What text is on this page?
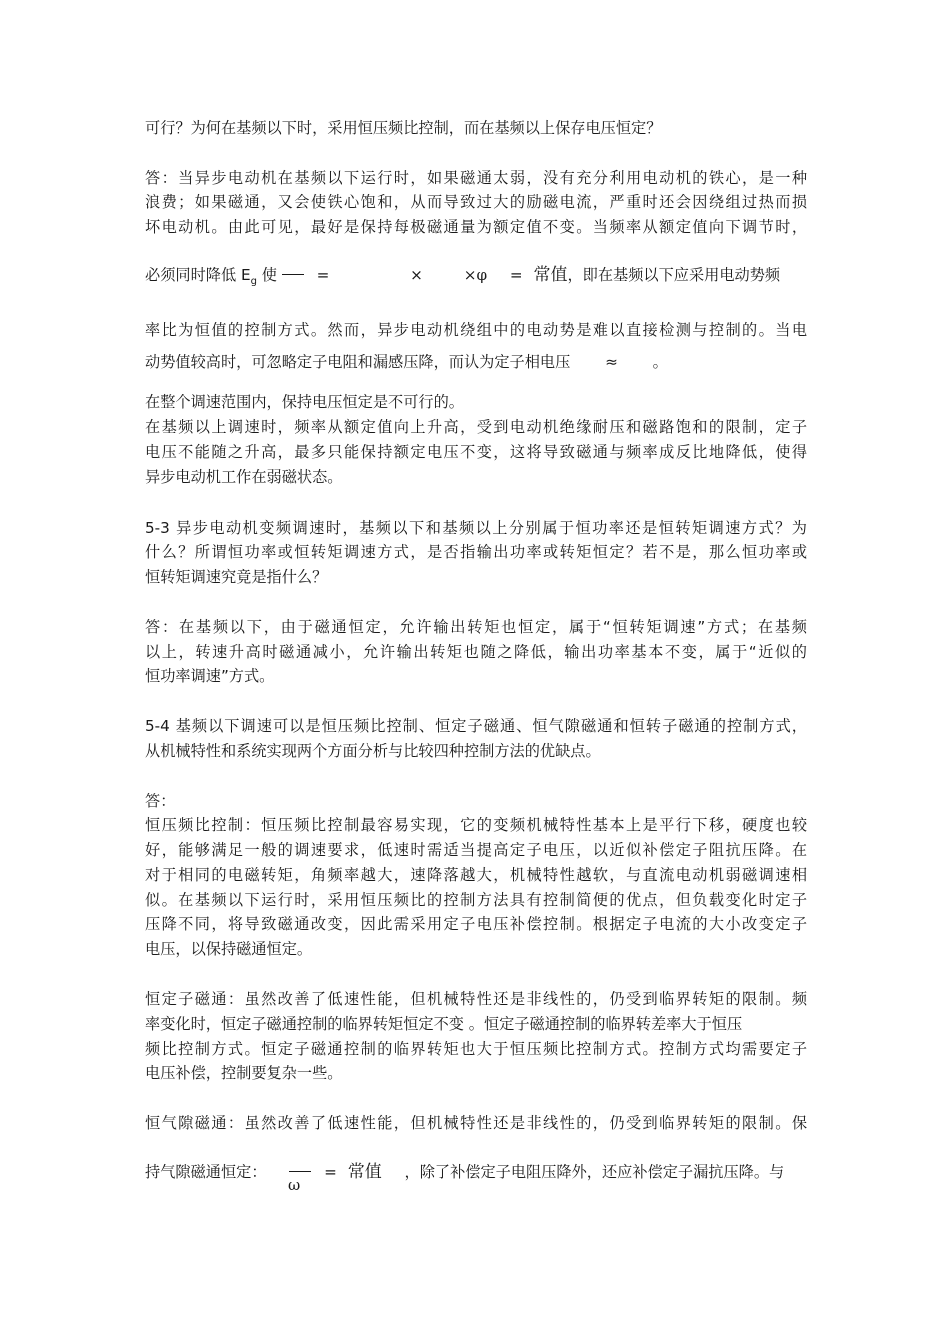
可行？为何在基频以下时，采用恒压频比控制，而在基频以上保存电压恒定？
答：当异步电动机在基频以下运行时，如果磁通太弱，没有充分利用电动机的铁心，是一种
浪费；如果磁通，又会使铁心饱和，从而导致过大的励磁电流，严重时还会因绕组过热而损
坏电动机。由此可见，最好是保持每极磁通量为额定值不变。当频率从额定值向下调节时，
必须同时降低 $E_g$ 使	=	×	×φ = 常值，即在基频以下应采用电动势频
率比为恒值的控制方式。然而，异步电动机绕组中的电动势是难以直接检测与控制的。当电
动势值较高时，可忽略定子电阻和漏感压降，而认为定子相电压 ≈ 。
在整个调速范围内，保持电压恒定是不可行的。
在基频以上调速时，频率从额定值向上升高，受到电动机绝缘耐压和磁路饱和的限制，定子
电压不能随之升高，最多只能保持额定电压不变，这将导致磁通与频率成反比地降低，使得
异步电动机工作在弱磁状态。
5-3 异步电动机变频调速时，基频以下和基频以上分别属于恒功率还是恒转矩调速方式？为
什么？所谓恒功率或恒转矩调速方式，是否指输出功率或转矩恒定？若不是，那么恒功率或
恒转矩调速究竟是指什么？
答：在基频以下，由于磁通恒定，允许输出转矩也恒定，属于“恒转矩调速”方式；在基频
以上，转速升高时磁通减小，允许输出转矩也随之降低，输出功率基本不变，属于“近似的
恒功率调速”方式。
5-4 基频以下调速可以是恒压频比控制、恒定子磁通、恒气隙磁通和恒转子磁通的控制方式，
从机械特性和系统实现两个方面分析与比较四种控制方法的优缺点。
答：
恒压频比控制：恒压频比控制最容易实现，它的变频机械特性基本上是平行下移，硬度也较
好，能够满足一般的调速要求，低速时需适当提高定子电压，以近似补偿定子阻抗压降。在
对于相同的电磁转矩，角频率越大，速降落越大，机械特性越软，与直流电动机弱磁调速相
似。在基频以下运行时，采用恒压频比的控制方法具有控制简便的优点，但负载变化时定子
压降不同，将导致磁通改变，因此需采用定子电压补偿控制。根据定子电流的大小改变定子
电压，以保持磁通恒定。
恒定子磁通：虽然改善了低速性能，但机械特性还是非线性的，仍受到临界转矩的限制。频
率变化时，恒定子磁通控制的临界转矩恒定不变 。恒定子磁通控制的临界转差率大于恒压
频比控制方式。恒定子磁通控制的临界转矩也大于恒压频比控制方式。控制方式均需要定子
电压补偿，控制要复杂一些。
恒气隙磁通：虽然改善了低速性能，但机械特性还是非线性的，仍受到临界转矩的限制。保
持气隙磁通恒定：	= 常值 ，除了补偿定子电阻压降外，还应补偿定子漏抗压降。与
ω
